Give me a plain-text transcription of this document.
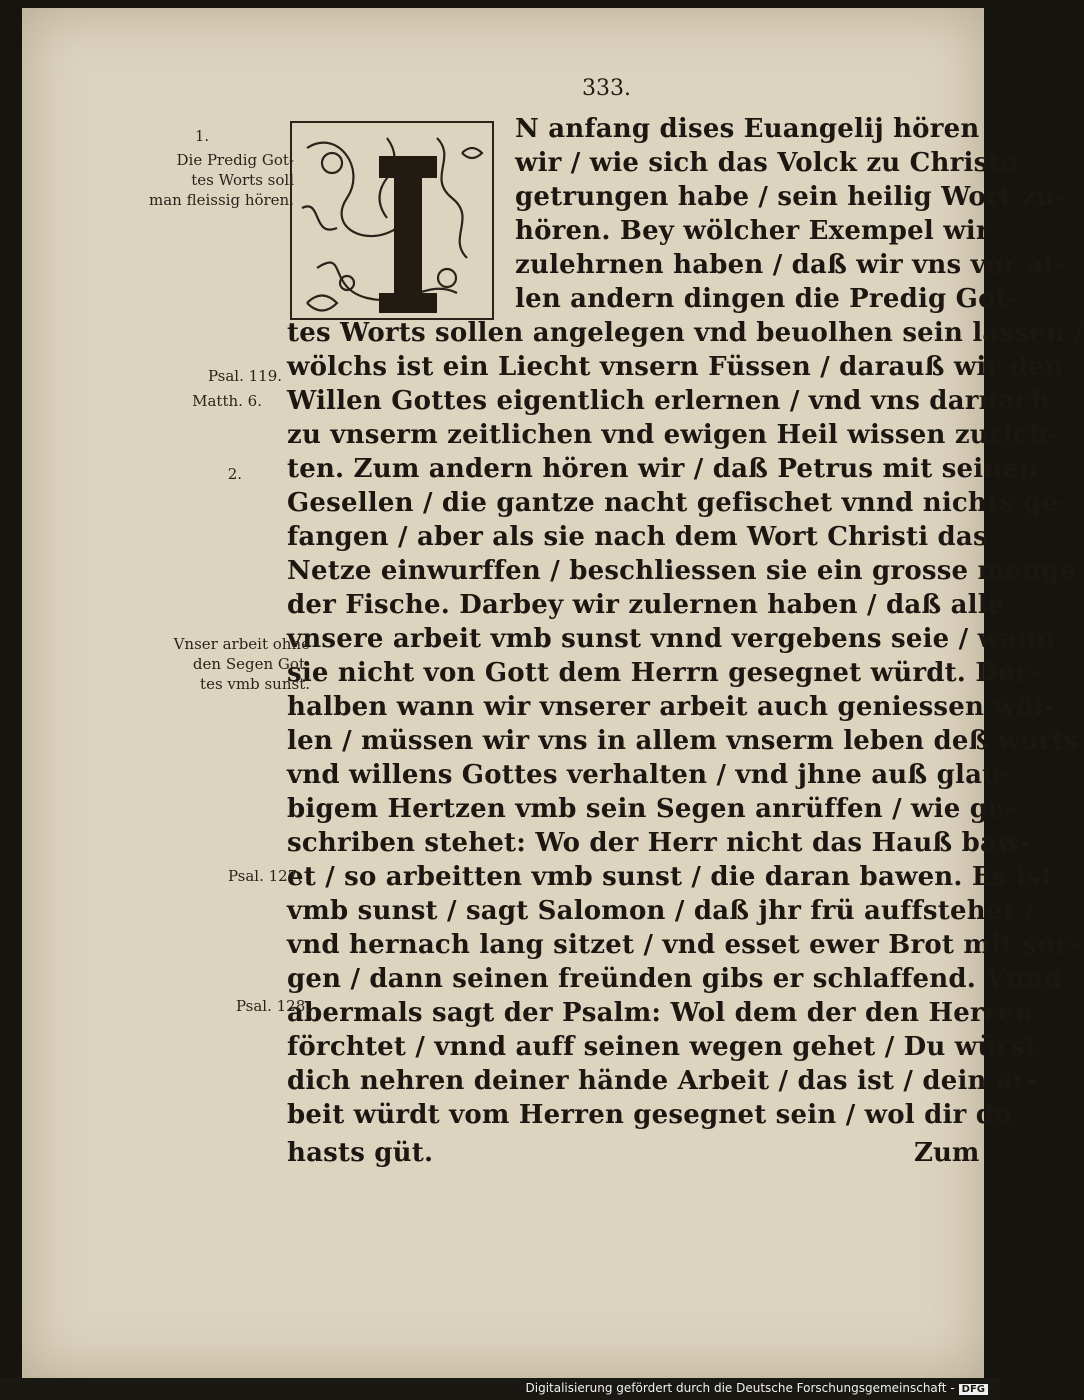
333.
N anfang dises Euangelij hören
wir / wie sich das Volck zu Christo
getrungen habe / sein heilig Wort zu-
hören. Bey wölcher Exempel wir
zulehrnen haben / daß wir vns vor al-
len andern dingen die Predig Got-
tes Worts sollen angelegen vnd beuolhen sein lassen /
wölchs ist ein Liecht vnsern Füssen / darauß wir den
Willen Gottes eigentlich erlernen / vnd vns darnach
zu vnserm zeitlichen vnd ewigen Heil wissen zurich-
ten. Zum andern hören wir / daß Petrus mit seinen
Gesellen / die gantze nacht gefischet vnnd nichts ge-
fangen / aber als sie nach dem Wort Christi das
Netze einwurffen / beschliessen sie ein grosse menge
der Fische. Darbey wir zulernen haben / daß alle
vnsere arbeit vmb sunst vnnd vergebens seie / wann
sie nicht von Gott dem Herrn gesegnet würdt. Der-
halben wann wir vnserer arbeit auch geniessen wöl-
len / müssen wir vns in allem vnserm leben deß worts
vnd willens Gottes verhalten / vnd jhne auß glau-
bigem Hertzen vmb sein Segen anrüffen / wie ge-
schriben stehet: Wo der Herr nicht das Hauß baw-
et / so arbeitten vmb sunst / die daran bawen. Es ist
vmb sunst / sagt Salomon / daß jhr frü auffstehet /
vnd hernach lang sitzet / vnd esset ewer Brot mit sor-
gen / dann seinen freünden gibs er schlaffend. Vnnd
abermals sagt der Psalm: Wol dem der den Herren
förchtet / vnnd auff seinen wegen gehet / Du würst
dich nehren deiner hände Arbeit / das ist / dein ar-
beit würdt vom Herren gesegnet sein / wol dir du
hasts güt.
1.
Die Predig Got-
tes Worts soll
man fleissig hören.
Psal. 119.
Matth. 6.
2.
Vnser arbeit ohne
den Segen Got-
tes vmb sunst.
Psal. 127.
Psal. 128.
Zum
Digitalisierung gefördert durch die Deutsche Forschungsgemeinschaft - DFG
